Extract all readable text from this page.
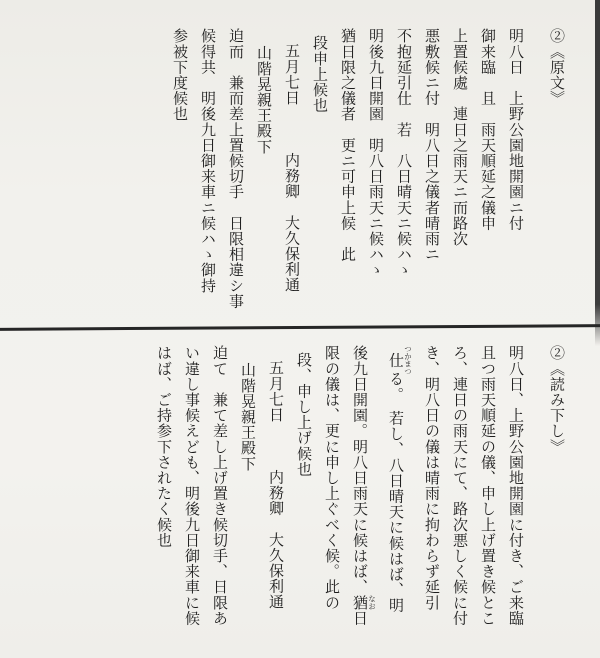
②《原文》
明八日　上野公園地開園ニ付
御来臨　且　雨天順延之儀申
上置候處　連日之雨天ニ而路次
悪敷候ニ付　明八日之儀者晴雨ニ
不抱延引仕　若　八日晴天ニ候ハゝ
明後九日開園　明八日雨天ニ候ハゝ
猶日限之儀者　更ニ可申上候　此
段申上候也
五月七日　　　内務卿　大久保利通
山階晃親王殿下
迫而　兼而差上置候切手　日限相違シ事
候得共　明後九日御来車ニ候ハゝ御持
参被下度候也
②《読み下し》
明八日、上野公園地開園に付き、ご来臨
且つ雨天順延の儀、申し上げ置き候とこ
ろ、連日の雨天にて、路次悪しく候に付
き、明八日の儀は晴雨に拘わらず延引
仕つかまつる。　若し、八日晴天に候はば、明
後九日開園。明八日雨天に候はば、猶なお日
限の儀は、更に申し上ぐべく候。此の
段、申し上げ候也
五月七日　　　内務卿　大久保利通
山階晃親王殿下
迫て　兼て差し上げ置き候切手、日限あ
い違し事候えども、明後九日御来車に候
はば、ご持参下されたく候也
